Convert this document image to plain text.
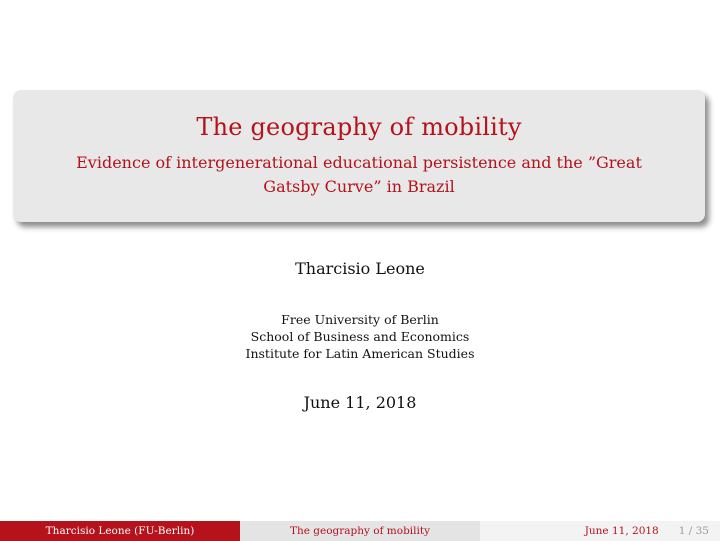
The geography of mobility
Evidence of intergenerational educational persistence and the ”Great Gatsby Curve” in Brazil
Tharcisio Leone
Free University of Berlin
School of Business and Economics
Institute for Latin American Studies
June 11, 2018
Tharcisio Leone (FU-Berlin)	The geography of mobility	June 11, 2018 1 / 35
